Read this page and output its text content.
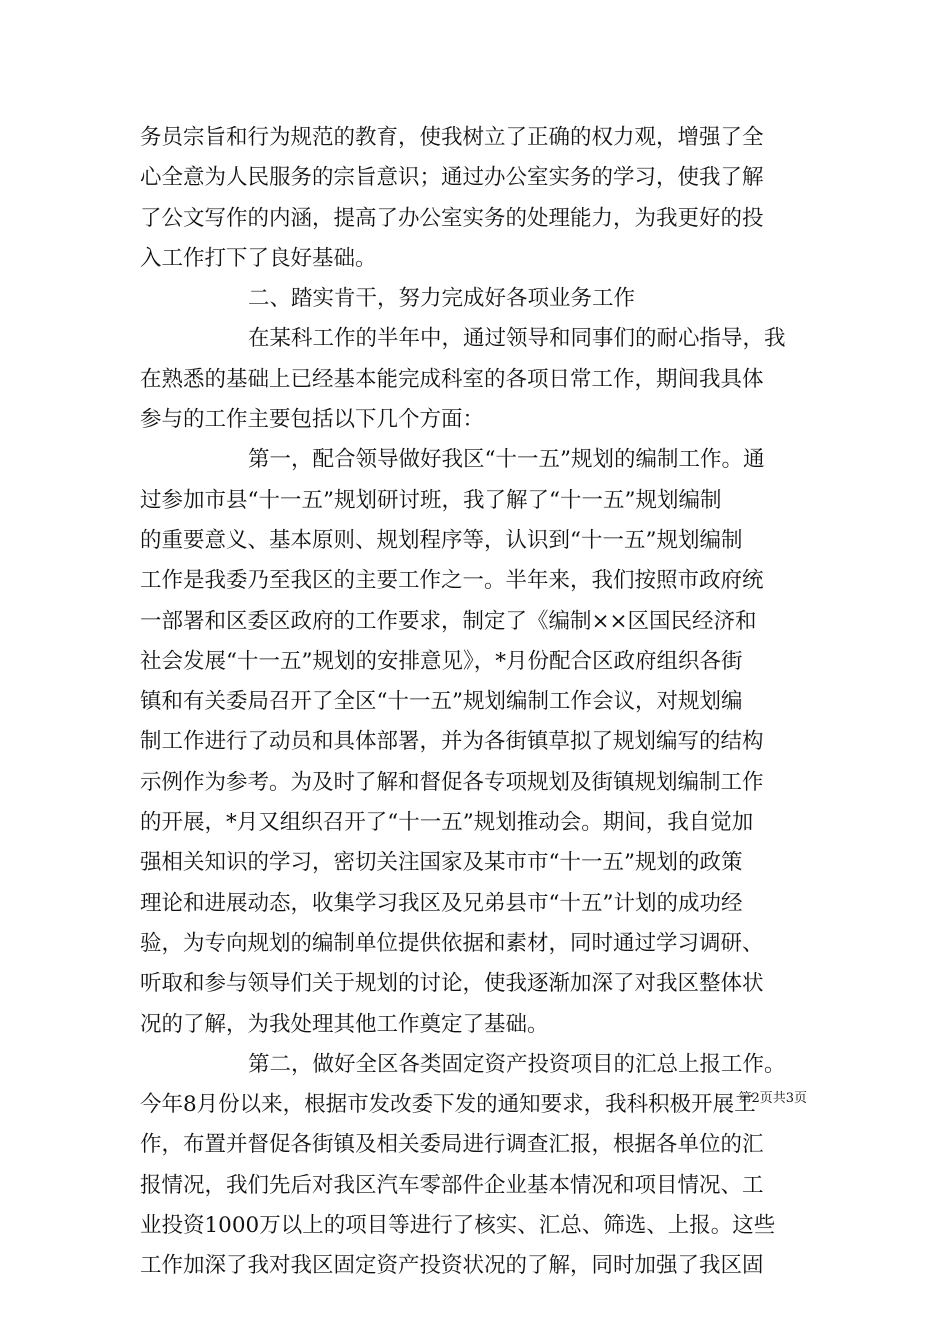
务员宗旨和行为规范的教育，使我树立了正确的权力观，增强了全
心全意为人民服务的宗旨意识；通过办公室实务的学习，使我了解
了公文写作的内涵，提高了办公室实务的处理能力，为我更好的投
入工作打下了良好基础。
二、踏实肯干，努力完成好各项业务工作
在某科工作的半年中，通过领导和同事们的耐心指导，我
在熟悉的基础上已经基本能完成科室的各项日常工作，期间我具体
参与的工作主要包括以下几个方面：
第一，配合领导做好我区“十一五”规划的编制工作。通
过参加市县“十一五”规划研讨班，我了解了“十一五”规划编制
的重要意义、基本原则、规划程序等，认识到“十一五”规划编制
工作是我委乃至我区的主要工作之一。半年来，我们按照市政府统
一部署和区委区政府的工作要求，制定了《编制××区国民经济和
社会发展“十一五”规划的安排意见》，*月份配合区政府组织各街
镇和有关委局召开了全区“十一五”规划编制工作会议，对规划编
制工作进行了动员和具体部署，并为各街镇草拟了规划编写的结构
示例作为参考。为及时了解和督促各专项规划及街镇规划编制工作
的开展，*月又组织召开了“十一五”规划推动会。期间，我自觉加
强相关知识的学习，密切关注国家及某市市“十一五”规划的政策
理论和进展动态，收集学习我区及兄弟县市“十五”计划的成功经
验，为专向规划的编制单位提供依据和素材，同时通过学习调研、
听取和参与领导们关于规划的讨论，使我逐渐加深了对我区整体状
况的了解，为我处理其他工作奠定了基础。
第二，做好全区各类固定资产投资项目的汇总上报工作。
今年8月份以来，根据市发改委下发的通知要求，我科积极开展工
作，布置并督促各街镇及相关委局进行调查汇报，根据各单位的汇
报情况，我们先后对我区汽车零部件企业基本情况和项目情况、工
业投资1000万以上的项目等进行了核实、汇总、筛选、上报。这些
工作加深了我对我区固定资产投资状况的了解，同时加强了我区固
第2页共3页
